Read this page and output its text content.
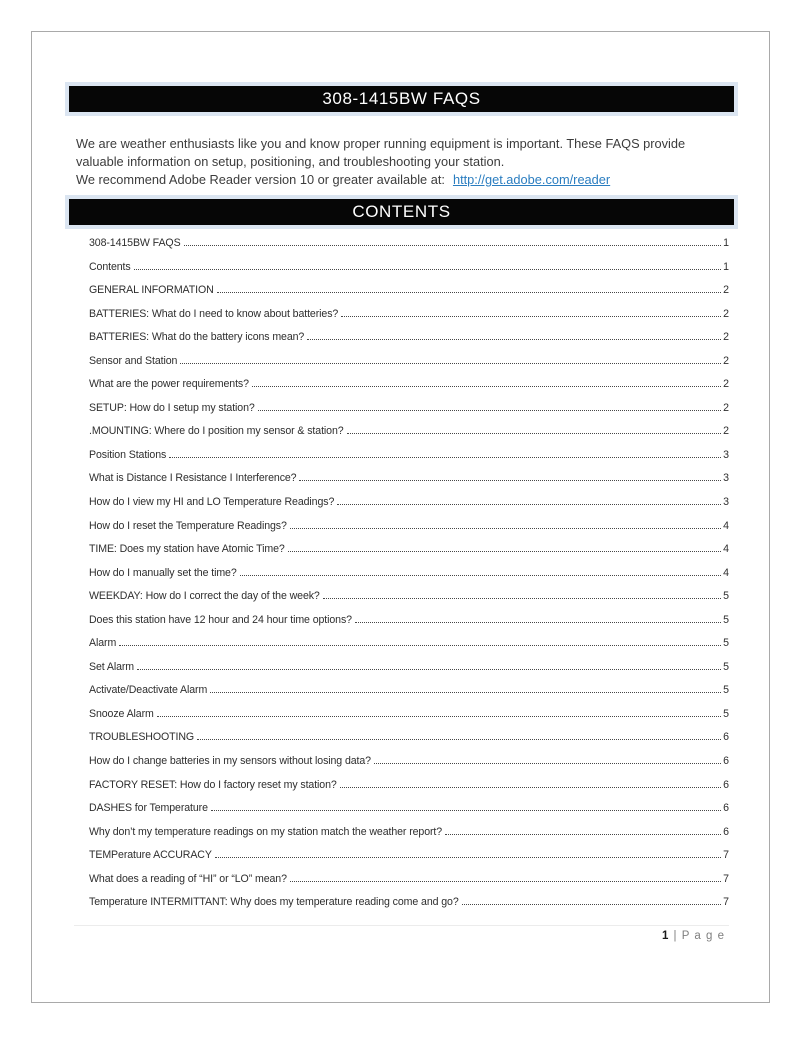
308-1415BW FAQS
We are weather enthusiasts like you and know proper running equipment is important. These FAQS provide
valuable information on setup, positioning, and troubleshooting your station.
We recommend Adobe Reader version 10 or greater available at: http://get.adobe.com/reader
CONTENTS
308-1415BW FAQS	1
Contents	1
GENERAL INFORMATION	2
BATTERIES: What do I need to know about batteries?	2
BATTERIES: What do the battery icons mean?	2
Sensor and Station	2
What are the power requirements?	2
SETUP: How do I setup my station?	2
.MOUNTING: Where do I position my sensor & station?	2
Position Stations	3
What is Distance I Resistance I Interference?	3
How do I view my HI and LO Temperature Readings?	3
How do I reset the Temperature Readings?	4
TIME: Does my station have Atomic Time?	4
How do I manually set the time?	4
WEEKDAY: How do I correct the day of the week?	5
Does this station have 12 hour and 24 hour time options?	5
Alarm	5
Set Alarm	5
Activate/Deactivate Alarm	5
Snooze Alarm	5
TROUBLESHOOTING	6
How do I change batteries in my sensors without losing data?	6
FACTORY RESET: How do I factory reset my station?	6
DASHES for Temperature	6
Why don’t my temperature readings on my station match the weather report?	6
TEMPerature ACCURACY	7
What does a reading of “HI” or “LO” mean?	7
Temperature INTERMITTANT: Why does my temperature reading come and go?	7
1 | P a g e
